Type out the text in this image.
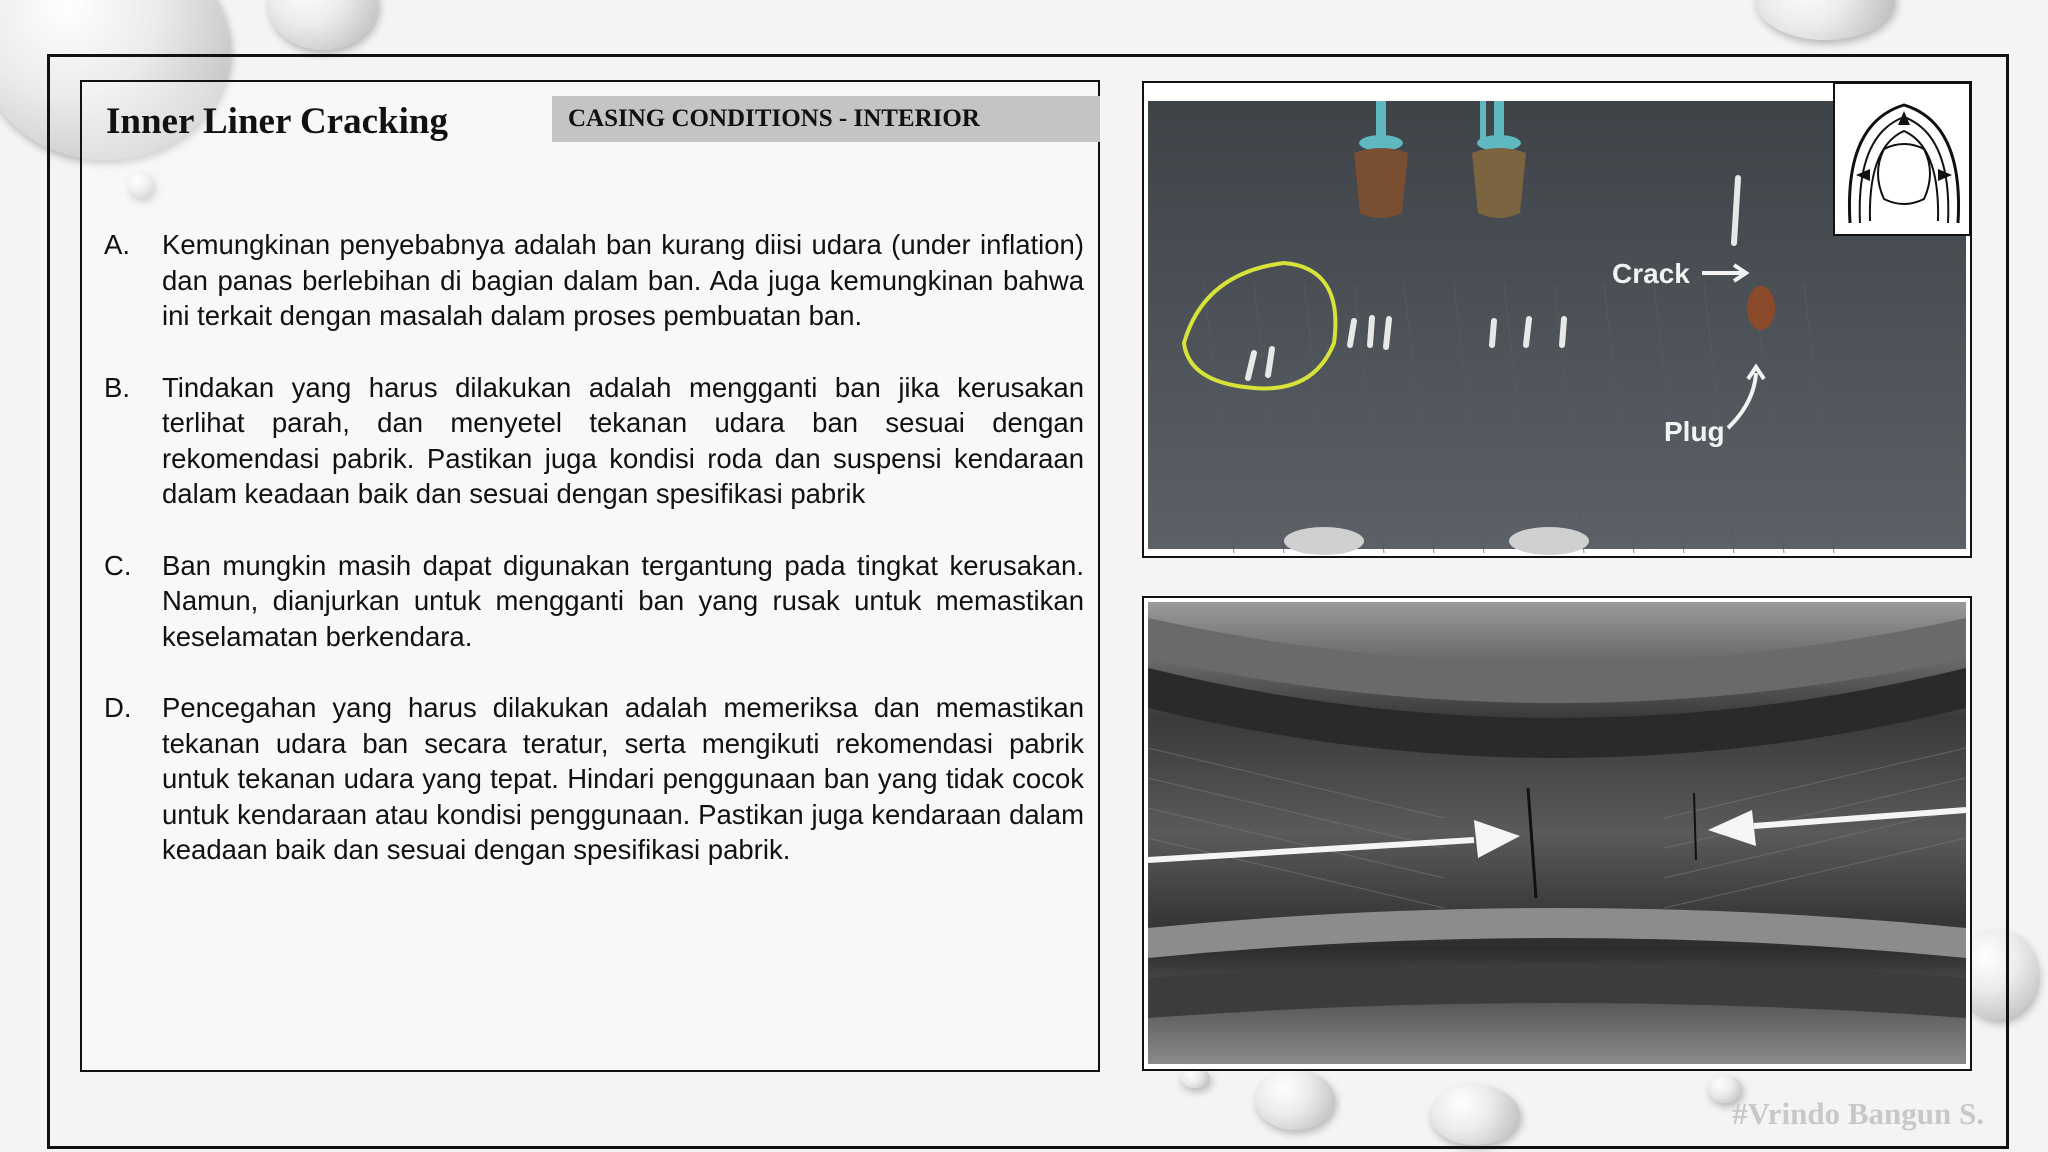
Inner Liner Cracking	CASING CONDITIONS - INTERIOR
A.	Kemungkinan penyebabnya adalah ban kurang diisi udara (under inflation) dan panas berlebihan di bagian dalam ban. Ada juga kemungkinan bahwa ini terkait dengan masalah dalam proses pembuatan ban.
B.	Tindakan yang harus dilakukan adalah mengganti ban jika kerusakan terlihat parah, dan menyetel tekanan udara ban sesuai dengan rekomendasi pabrik. Pastikan juga kondisi roda dan suspensi kendaraan dalam keadaan baik dan sesuai dengan spesifikasi pabrik
C.	Ban mungkin masih dapat digunakan tergantung pada tingkat kerusakan. Namun, dianjurkan untuk mengganti ban yang rusak untuk memastikan keselamatan berkendara.
D.	Pencegahan yang harus dilakukan adalah memeriksa dan memastikan tekanan udara ban secara teratur, serta mengikuti rekomendasi pabrik untuk tekanan udara yang tepat. Hindari penggunaan ban yang tidak cocok untuk kendaraan atau kondisi penggunaan. Pastikan juga kendaraan dalam keadaan baik dan sesuai dengan spesifikasi pabrik.
Crack
Plug
#Vrindo Bangun S.
